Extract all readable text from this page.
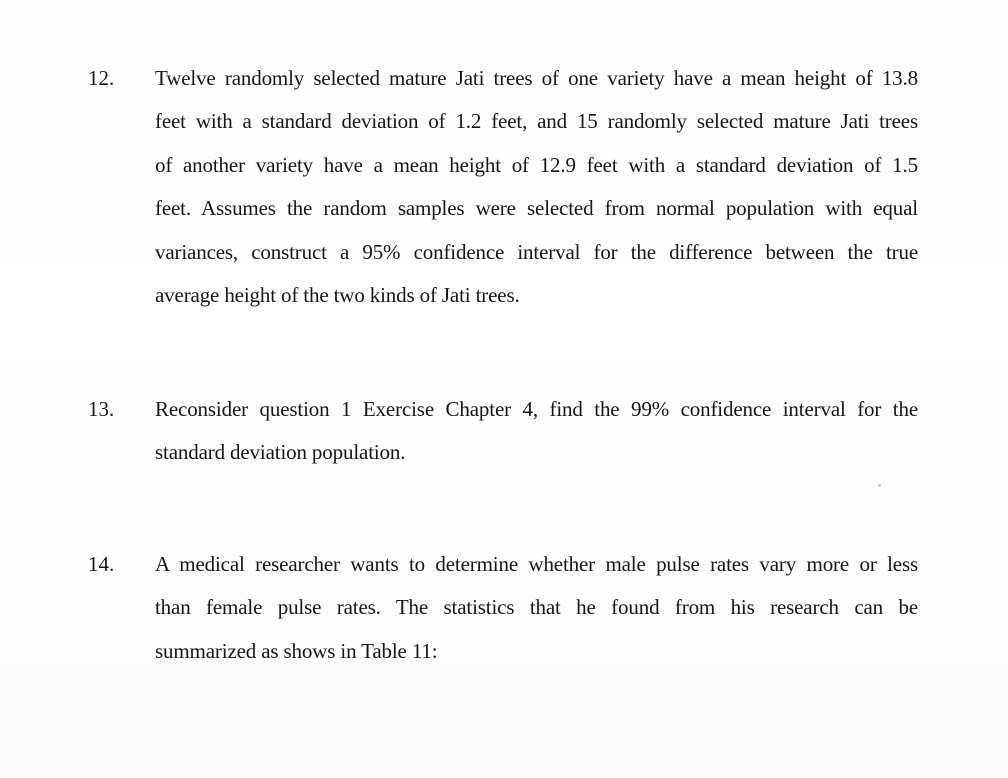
12. Twelve randomly selected mature Jati trees of one variety have a mean height of 13.8
feet with a standard deviation of 1.2 feet, and 15 randomly selected mature Jati trees
of another variety have a mean height of 12.9 feet with a standard deviation of 1.5
feet. Assumes the random samples were selected from normal population with equal
variances, construct a 95% confidence interval for the difference between the true
average height of the two kinds of Jati trees.

13. Reconsider question 1 Exercise Chapter 4, find the 99% confidence interval for the
standard deviation population.

14. A medical researcher wants to determine whether male pulse rates vary more or less
than female pulse rates. The statistics that he found from his research can be
summarized as shows in Table 11:
